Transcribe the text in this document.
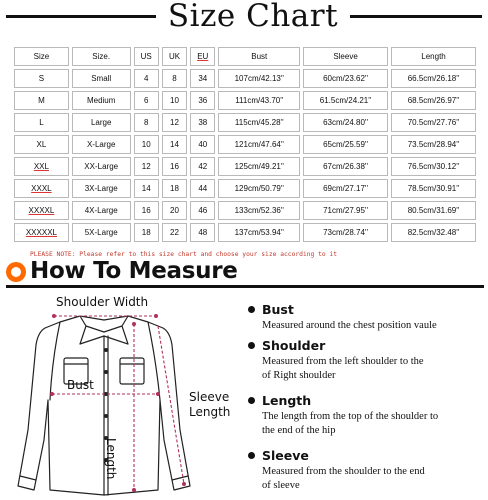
Size Chart
Size	Size.	US	UK	EU	Bust	Sleeve	Length
S	Small	4	8	34	107cm/42.13''	60cm/23.62''	66.5cm/26.18''
M	Medium	6	10	36	111cm/43.70''	61.5cm/24.21''	68.5cm/26.97''
L	Large	8	12	38	115cm/45.28''	63cm/24.80''	70.5cm/27.76''
XL	X-Large	10	14	40	121cm/47.64''	65cm/25.59''	73.5cm/28.94''
XXL	XX-Large	12	16	42	125cm/49.21''	67cm/26.38''	76.5cm/30.12''
XXXL	3X-Large	14	18	44	129cm/50.79''	69cm/27.17''	78.5cm/30.91''
XXXXL	4X-Large	16	20	46	133cm/52.36''	71cm/27.95''	80.5cm/31.69''
XXXXXL	5X-Large	18	22	48	137cm/53.94''	73cm/28.74''	82.5cm/32.48''
PLEASE NOTE: Please refer to this size chart and choose your size according to it
How To Measure
Shoulder Width
Bust
Sleeve
Length
Length
Bust
Measured around the chest position vaule
Shoulder
Measured from the left shoulder to the
of Right shoulder
Length
The length from the top of the shoulder to
the end of the hip
Sleeve
Measured from the shoulder to the end
of sleeve
